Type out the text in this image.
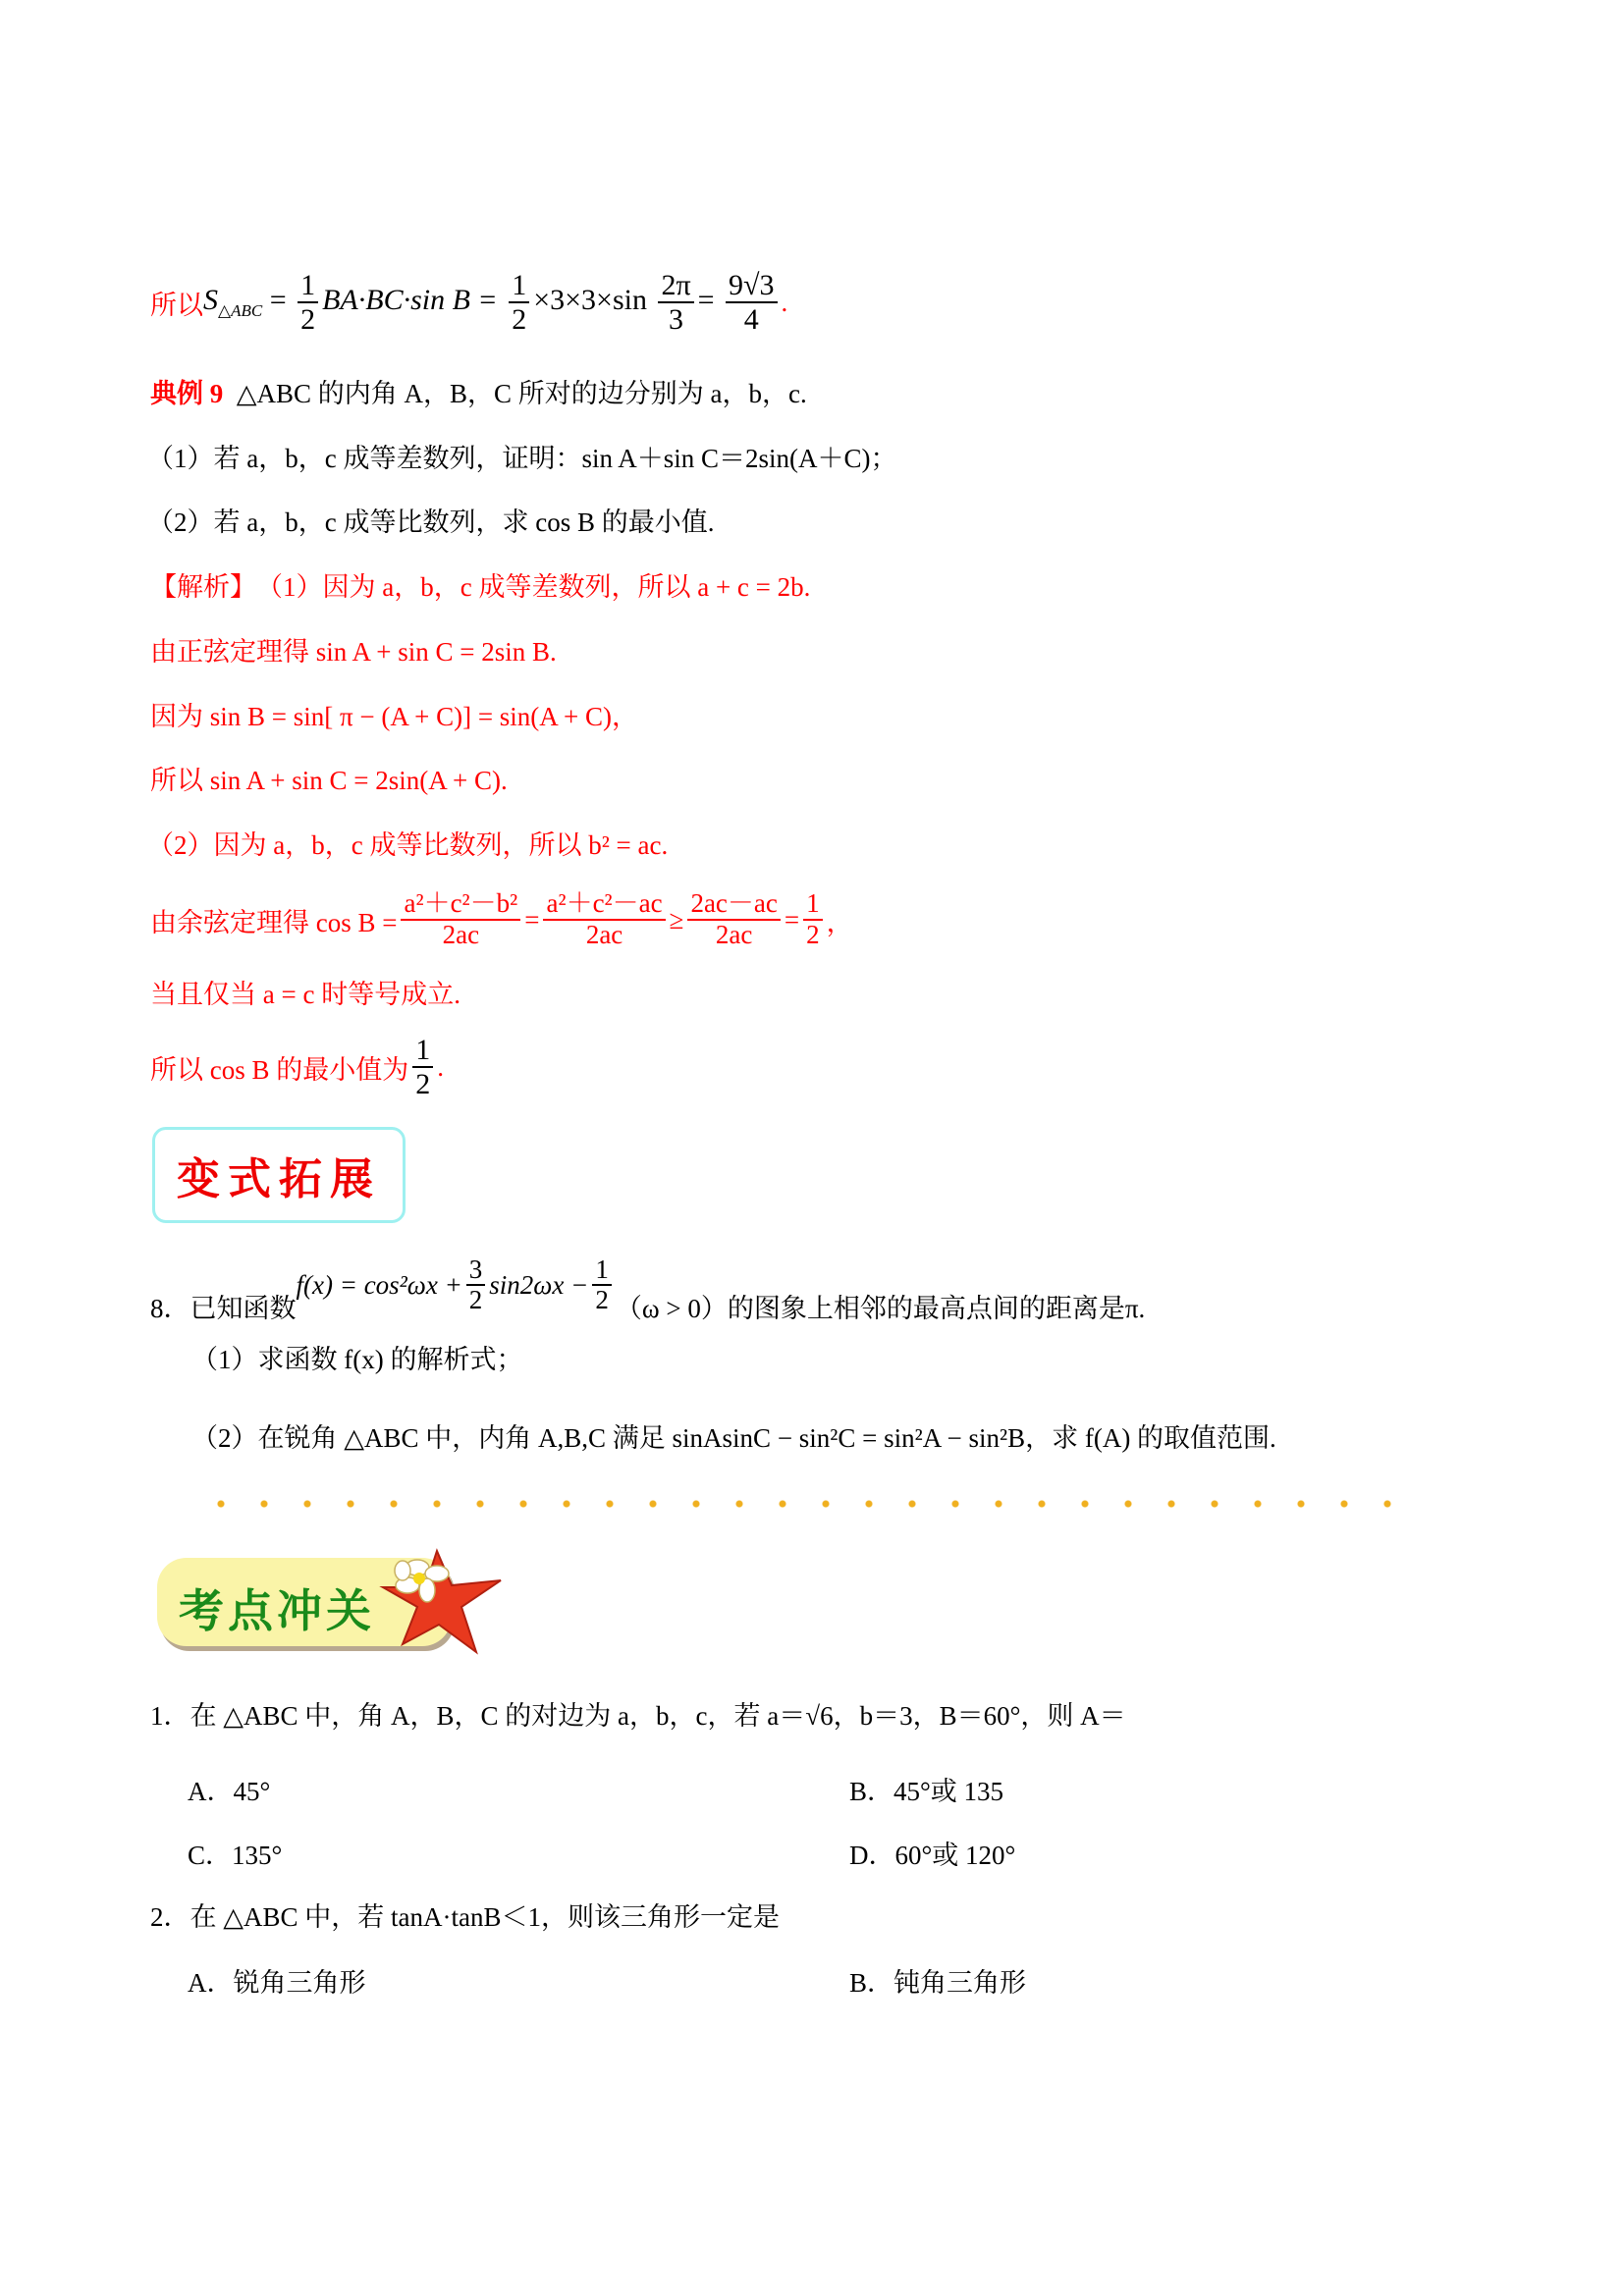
所以 $S_{\triangle ABC} = \frac{1}{2} BA\cdot BC\cdot\sin$ $B = \frac{1}{2} \times 3\times 3\times\sin \frac{2\pi}{3} = \frac{9√3}{4}$ .
典例 9
△ABC 的内角 A，B，C 所对的边分别为 a，b，c.
（1）若 a，b，c 成等差数列，证明：sin A＋sin C＝2sin(A＋C)；
（2）若 a，b，c 成等比数列，求 cos B 的最小值.
【解析】 （1）因为 a，b，c 成等差数列，所以 a + c = 2b.
由正弦定理得 sin A + sin C = 2sin B.
因为 sin B = sin[ π − (A + C)] = sin(A + C)，
所以 sin A + sin C = 2sin(A + C).
（2）因为 a，b，c 成等比数列，所以 b² = ac.
由余弦定理得 $\cos B = \frac{\text{a²＋c²－b²}}{2ac} = \frac{\text{a²＋c²－ac}}{2ac} \ge \frac{2ac-ac}{2ac} = \frac{1}{2}$ ，
当且仅当 a = c 时等号成立.
所以 cos B 的最小值为 $\frac{1}{2}$ .
变式拓展
8．已知函数
$f(x) = \cos^2\omega x + \frac{3}{2} \sin 2\omega x - \frac{1}{2} (\omega > 0)$的图象上相邻的最高点间的距离是π.
（1）求函数 f(x) 的解析式；
（2）在锐角 △ABC 中，内角 A,B,C 满足 sinAsinC − sin²C = sin²A − sin²B，求 f(A) 的取值范围.
考点冲关
1．在 △ABC 中，角 A，B，C 的对边为 a，b，c，若 a＝√6，b＝3，B＝60°，则 A＝
A．45°	B．45°或 135
C．135°	D．60°或 120°
2．在 △ABC 中，若 tanA·tanB＜1，则该三角形一定是
A．锐角三角形	B．钝角三角形
